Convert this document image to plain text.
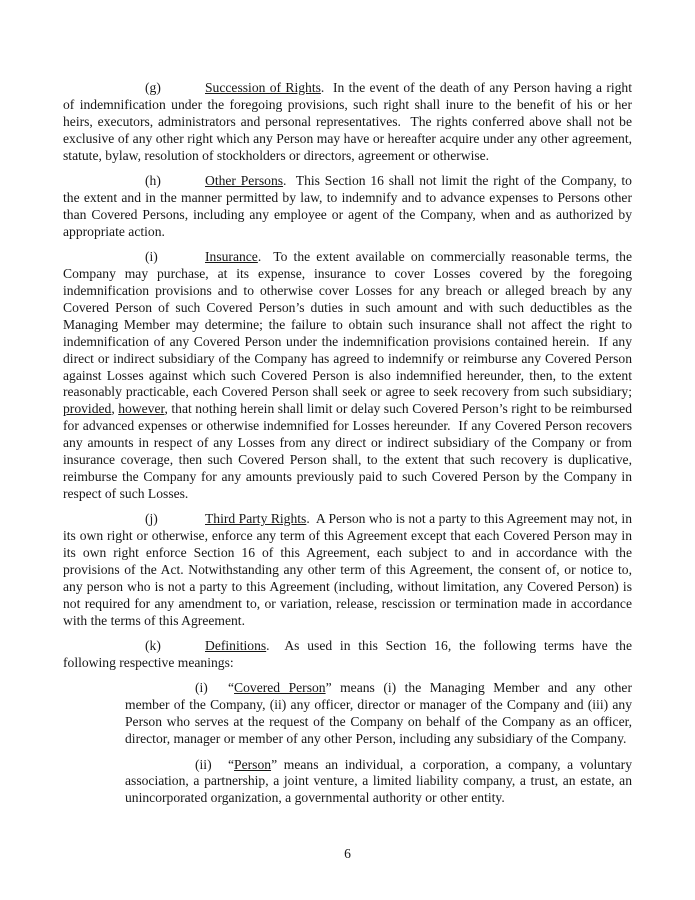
(g)	Succession of Rights.  In the event of the death of any Person having a right of indemnification under the foregoing provisions, such right shall inure to the benefit of his or her heirs, executors, administrators and personal representatives.  The rights conferred above shall not be exclusive of any other right which any Person may have or hereafter acquire under any other agreement, statute, bylaw, resolution of stockholders or directors, agreement or otherwise.

(h)	Other Persons.  This Section 16 shall not limit the right of the Company, to the extent and in the manner permitted by law, to indemnify and to advance expenses to Persons other than Covered Persons, including any employee or agent of the Company, when and as authorized by appropriate action.

(i)	Insurance.  To the extent available on commercially reasonable terms, the Company may purchase, at its expense, insurance to cover Losses covered by the foregoing indemnification provisions and to otherwise cover Losses for any breach or alleged breach by any Covered Person of such Covered Person’s duties in such amount and with such deductibles as the Managing Member may determine; the failure to obtain such insurance shall not affect the right to indemnification of any Covered Person under the indemnification provisions contained herein.  If any direct or indirect subsidiary of the Company has agreed to indemnify or reimburse any Covered Person against Losses against which such Covered Person is also indemnified hereunder, then, to the extent reasonably practicable, each Covered Person shall seek or agree to seek recovery from such subsidiary; provided, however, that nothing herein shall limit or delay such Covered Person’s right to be reimbursed for advanced expenses or otherwise indemnified for Losses hereunder.  If any Covered Person recovers any amounts in respect of any Losses from any direct or indirect subsidiary of the Company or from insurance coverage, then such Covered Person shall, to the extent that such recovery is duplicative, reimburse the Company for any amounts previously paid to such Covered Person by the Company in respect of such Losses.

(j)	Third Party Rights.  A Person who is not a party to this Agreement may not, in its own right or otherwise, enforce any term of this Agreement except that each Covered Person may in its own right enforce Section 16 of this Agreement, each subject to and in accordance with the provisions of the Act. Notwithstanding any other term of this Agreement, the consent of, or notice to, any person who is not a party to this Agreement (including, without limitation, any Covered Person) is not required for any amendment to, or variation, release, rescission or termination made in accordance with the terms of this Agreement.

(k)	Definitions.  As used in this Section 16, the following terms have the following respective meanings:

(i) “Covered Person” means (i) the Managing Member and any other member of the Company, (ii) any officer, director or manager of the Company and (iii) any Person who serves at the request of the Company on behalf of the Company as an officer, director, manager or member of any other Person, including any subsidiary of the Company.

(ii) “Person” means an individual, a corporation, a company, a voluntary association, a partnership, a joint venture, a limited liability company, a trust, an estate, an unincorporated organization, a governmental authority or other entity.

6
